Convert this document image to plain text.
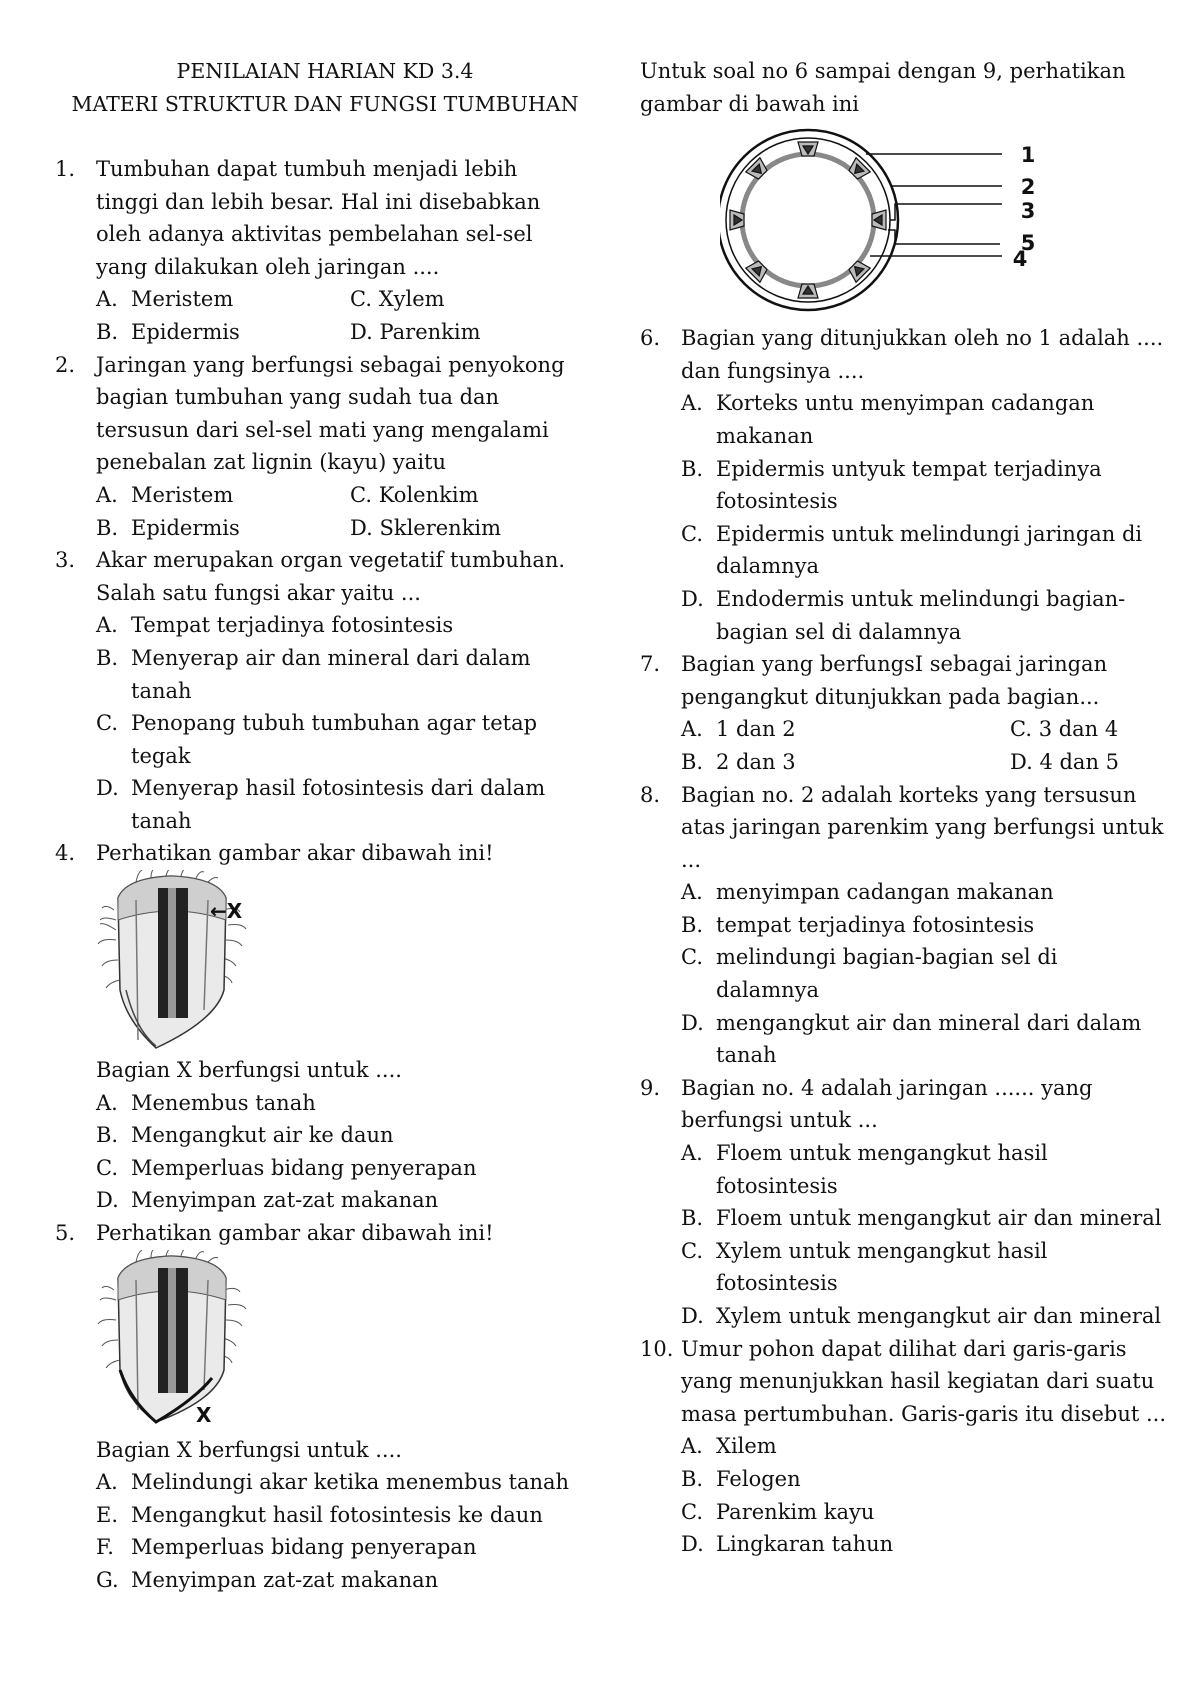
PENILAIAN HARIAN KD 3.4
MATERI STRUKTUR DAN FUNGSI TUMBUHAN
1. Tumbuhan dapat tumbuh menjadi lebih
tinggi dan lebih besar. Hal ini disebabkan
oleh adanya aktivitas pembelahan sel-sel
yang dilakukan oleh jaringan ....
A. Meristem	C. Xylem
B. Epidermis	D. Parenkim
2. Jaringan yang berfungsi sebagai penyokong
bagian tumbuhan yang sudah tua dan
tersusun dari sel-sel mati yang mengalami
penebalan zat lignin (kayu) yaitu
A. Meristem	C. Kolenkim
B. Epidermis	D. Sklerenkim
3. Akar merupakan organ vegetatif tumbuhan.
Salah satu fungsi akar yaitu ...
A. Tempat terjadinya fotosintesis
B. Menyerap air dan mineral dari dalam
tanah
C. Penopang tubuh tumbuhan agar tetap
tegak
D. Menyerap hasil fotosintesis dari dalam
tanah
4. Perhatikan gambar akar dibawah ini!
←X
Bagian X berfungsi untuk ....
A. Menembus tanah
B. Mengangkut air ke daun
C. Memperluas bidang penyerapan
D. Menyimpan zat-zat makanan
5. Perhatikan gambar akar dibawah ini!
X
Bagian X berfungsi untuk ....
A. Melindungi akar ketika menembus tanah
E. Mengangkut hasil fotosintesis ke daun
F. Memperluas bidang penyerapan
G. Menyimpan zat-zat makanan
Untuk soal no 6 sampai dengan 9, perhatikan
gambar di bawah ini
1
2
3
5
4
6. Bagian yang ditunjukkan oleh no 1 adalah ....
dan fungsinya ....
A. Korteks untu menyimpan cadangan
makanan
B. Epidermis untyuk tempat terjadinya
fotosintesis
C. Epidermis untuk melindungi jaringan di
dalamnya
D. Endodermis untuk melindungi bagian-
bagian sel di dalamnya
7. Bagian yang berfungsI sebagai jaringan
pengangkut ditunjukkan pada bagian...
A. 1 dan 2	C. 3 dan 4
B. 2 dan 3	D. 4 dan 5
8. Bagian no. 2 adalah korteks yang tersusun
atas jaringan parenkim yang berfungsi untuk
...
A. menyimpan cadangan makanan
B. tempat terjadinya fotosintesis
C. melindungi bagian-bagian sel di
dalamnya
D. mengangkut air dan mineral dari dalam
tanah
9. Bagian no. 4 adalah jaringan ...... yang
berfungsi untuk ...
A. Floem untuk mengangkut hasil
fotosintesis
B. Floem untuk mengangkut air dan mineral
C. Xylem untuk mengangkut hasil
fotosintesis
D. Xylem untuk mengangkut air dan mineral
10. Umur pohon dapat dilihat dari garis-garis
yang menunjukkan hasil kegiatan dari suatu
masa pertumbuhan. Garis-garis itu disebut ...
A. Xilem
B. Felogen
C. Parenkim kayu
D. Lingkaran tahun
